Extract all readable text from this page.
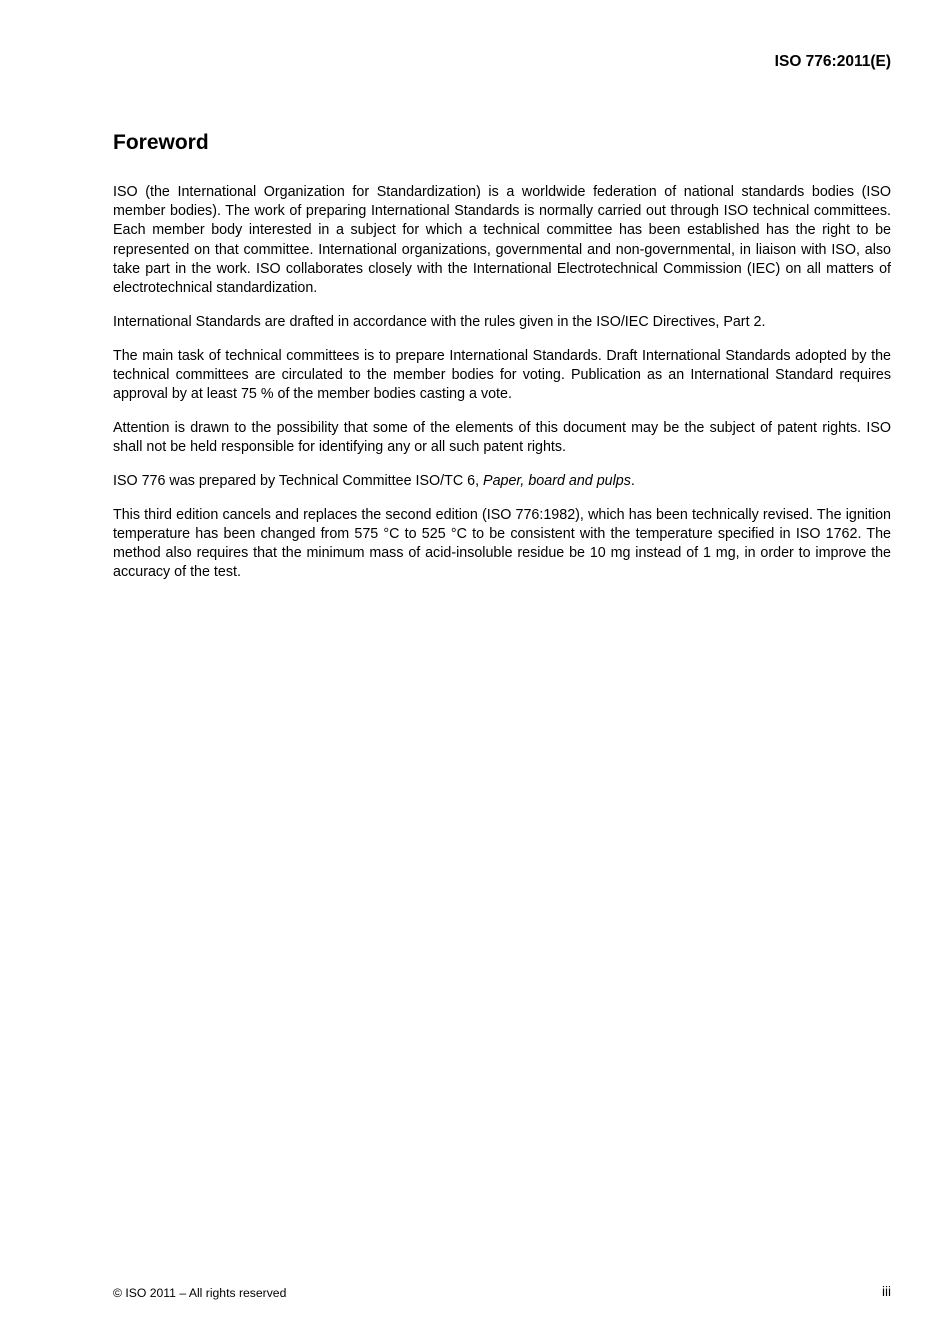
ISO 776:2011(E)

Foreword

ISO (the International Organization for Standardization) is a worldwide federation of national standards bodies (ISO member bodies). The work of preparing International Standards is normally carried out through ISO technical committees. Each member body interested in a subject for which a technical committee has been established has the right to be represented on that committee. International organizations, governmental and non-governmental, in liaison with ISO, also take part in the work. ISO collaborates closely with the International Electrotechnical Commission (IEC) on all matters of electrotechnical standardization.

International Standards are drafted in accordance with the rules given in the ISO/IEC Directives, Part 2.

The main task of technical committees is to prepare International Standards. Draft International Standards adopted by the technical committees are circulated to the member bodies for voting. Publication as an International Standard requires approval by at least 75 % of the member bodies casting a vote.

Attention is drawn to the possibility that some of the elements of this document may be the subject of patent rights. ISO shall not be held responsible for identifying any or all such patent rights.

ISO 776 was prepared by Technical Committee ISO/TC 6, Paper, board and pulps.

This third edition cancels and replaces the second edition (ISO 776:1982), which has been technically revised. The ignition temperature has been changed from 575 °C to 525 °C to be consistent with the temperature specified in ISO 1762. The method also requires that the minimum mass of acid-insoluble residue be 10 mg instead of 1 mg, in order to improve the accuracy of the test.

© ISO 2011 – All rights reserved	iii
